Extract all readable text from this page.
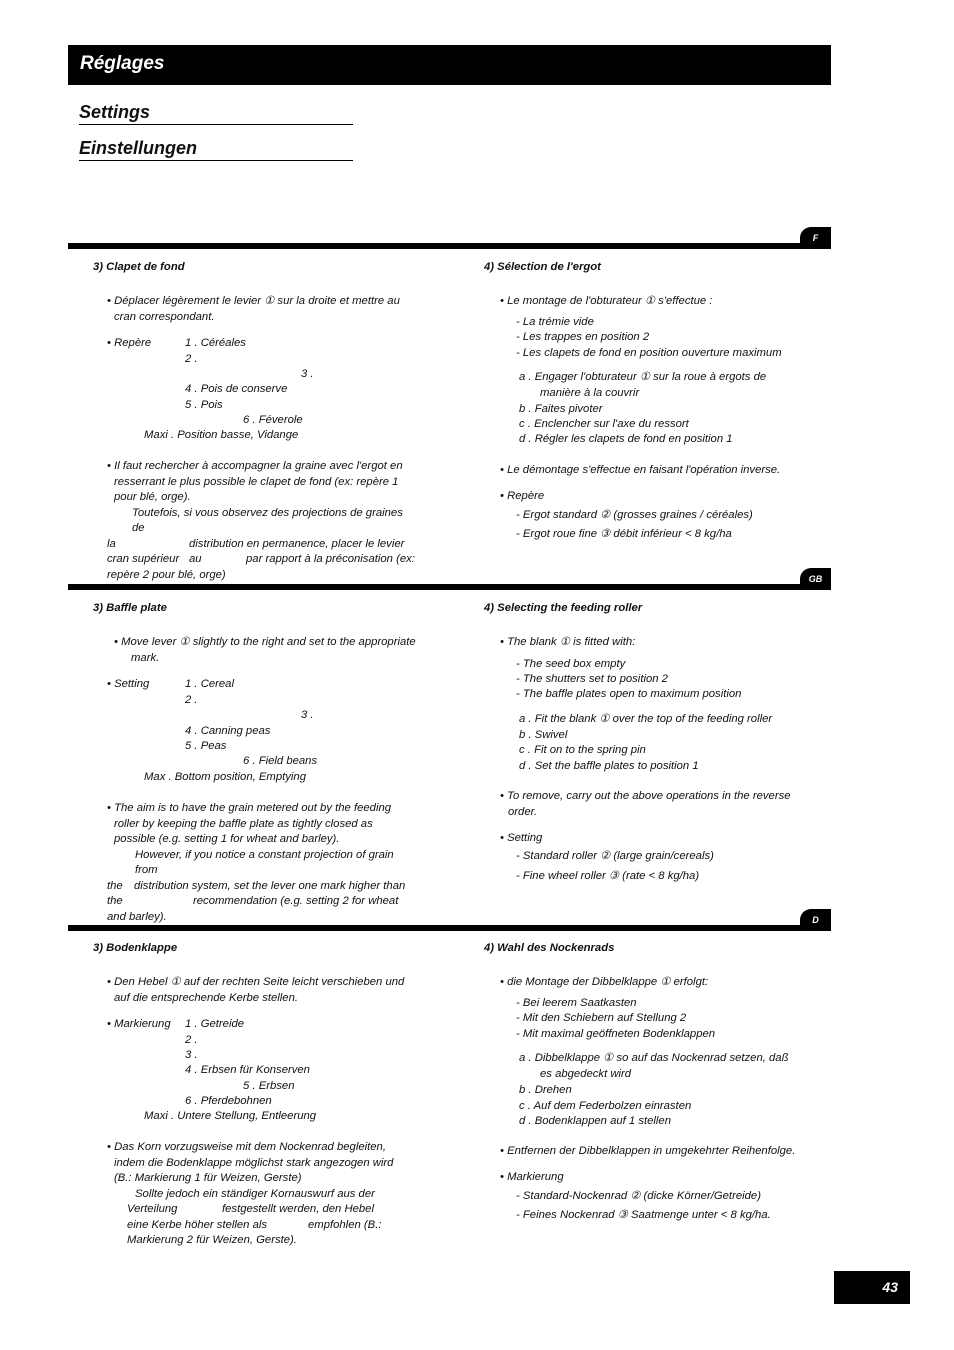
Réglages
Settings
Einstellungen
F
3) Clapet de fond
• Déplacer légèrement le levier ① sur la droite et mettre au
cran correspondant.
• Repère	1 . Céréales
2 .
3 .
4 . Pois de conserve
5 . Pois
6 . Féverole
Maxi . Position basse, Vidange

• Il faut rechercher à accompagner la graine avec l'ergot en

resserrant le plus possible le clapet de fond (ex: repère 1

pour blé, orge).

Toutefois, si vous observez des projections de graines de

la	distribution en permanence, placer le levier au

cran supérieur	par rapport à la préconisation (ex:

repère 2 pour blé, orge)

4) Sélection de l'ergot
• Le montage de l'obturateur ① s'effectue :
- La trémie vide
- Les trappes en position 2
- Les clapets de fond en position ouverture maximum
a . Engager l'obturateur ① sur la roue à ergots de
manière à la couvrir
b . Faites pivoter
c . Enclencher sur l'axe du ressort
d . Régler les clapets de fond en position 1
• Le démontage s'effectue en faisant l'opération inverse.
• Repère
- Ergot standard ② (grosses graines / céréales)
- Ergot roue fine ③ débit inférieur < 8 kg/ha
GB
3) Baffle plate
• Move lever ① slightly to the right and set to the appropriate
mark.
• Setting	1 . Cereal
2 .
3 .
4 . Canning peas
5 . Peas
6 . Field beans
Max . Bottom position, Emptying

• The aim is to have the grain metered out by the feeding

roller by keeping the baffle plate as tightly closed as

possible (e.g. setting 1 for wheat and barley).

However, if you notice a constant projection of grain from

the distribution system, set the lever one mark higher than

the	recommendation (e.g. setting 2 for wheat

and barley).

4) Selecting the feeding roller
• The blank ① is fitted with:
- The seed box empty
- The shutters set to position 2
- The baffle plates open to maximum position
a . Fit the blank ① over the top of the feeding roller
b . Swivel
c . Fit on to the spring pin
d . Set the baffle plates to position 1
• To remove, carry out the above operations in the reverse
order.
• Setting
- Standard roller ② (large grain/cereals)
- Fine wheel roller ③ (rate < 8 kg/ha)
D
3) Bodenklappe
• Den Hebel ① auf der rechten Seite leicht verschieben und
auf die entsprechende Kerbe stellen.
• Markierung 1 . Getreide
2 .
3 .
4 . Erbsen für Konserven
5 . Erbsen
6 . Pferdebohnen
Maxi . Untere Stellung, Entleerung

• Das Korn vorzugsweise mit dem Nockenrad begleiten,

indem die Bodenklappe möglichst stark angezogen wird

(B.: Markierung 1 für Weizen, Gerste)

Sollte jedoch ein ständiger Kornauswurf aus der

Verteilung	festgestellt werden, den Hebel

eine Kerbe höher stellen als	empfohlen (B.:

Markierung 2 für Weizen, Gerste).

4) Wahl des Nockenrads
• die Montage der Dibbelklappe ① erfolgt:
- Bei leerem Saatkasten
- Mit den Schiebern auf Stellung 2
- Mit maximal geöffneten Bodenklappen
a . Dibbelklappe ① so auf das Nockenrad setzen, daß
es abgedeckt wird
b . Drehen
c . Auf dem Federbolzen einrasten
d . Bodenklappen auf 1 stellen
• Entfernen der Dibbelklappen in umgekehrter Reihenfolge.
• Markierung
- Standard-Nockenrad ② (dicke Körner/Getreide)
- Feines Nockenrad ③ Saatmenge unter < 8 kg/ha.
43
